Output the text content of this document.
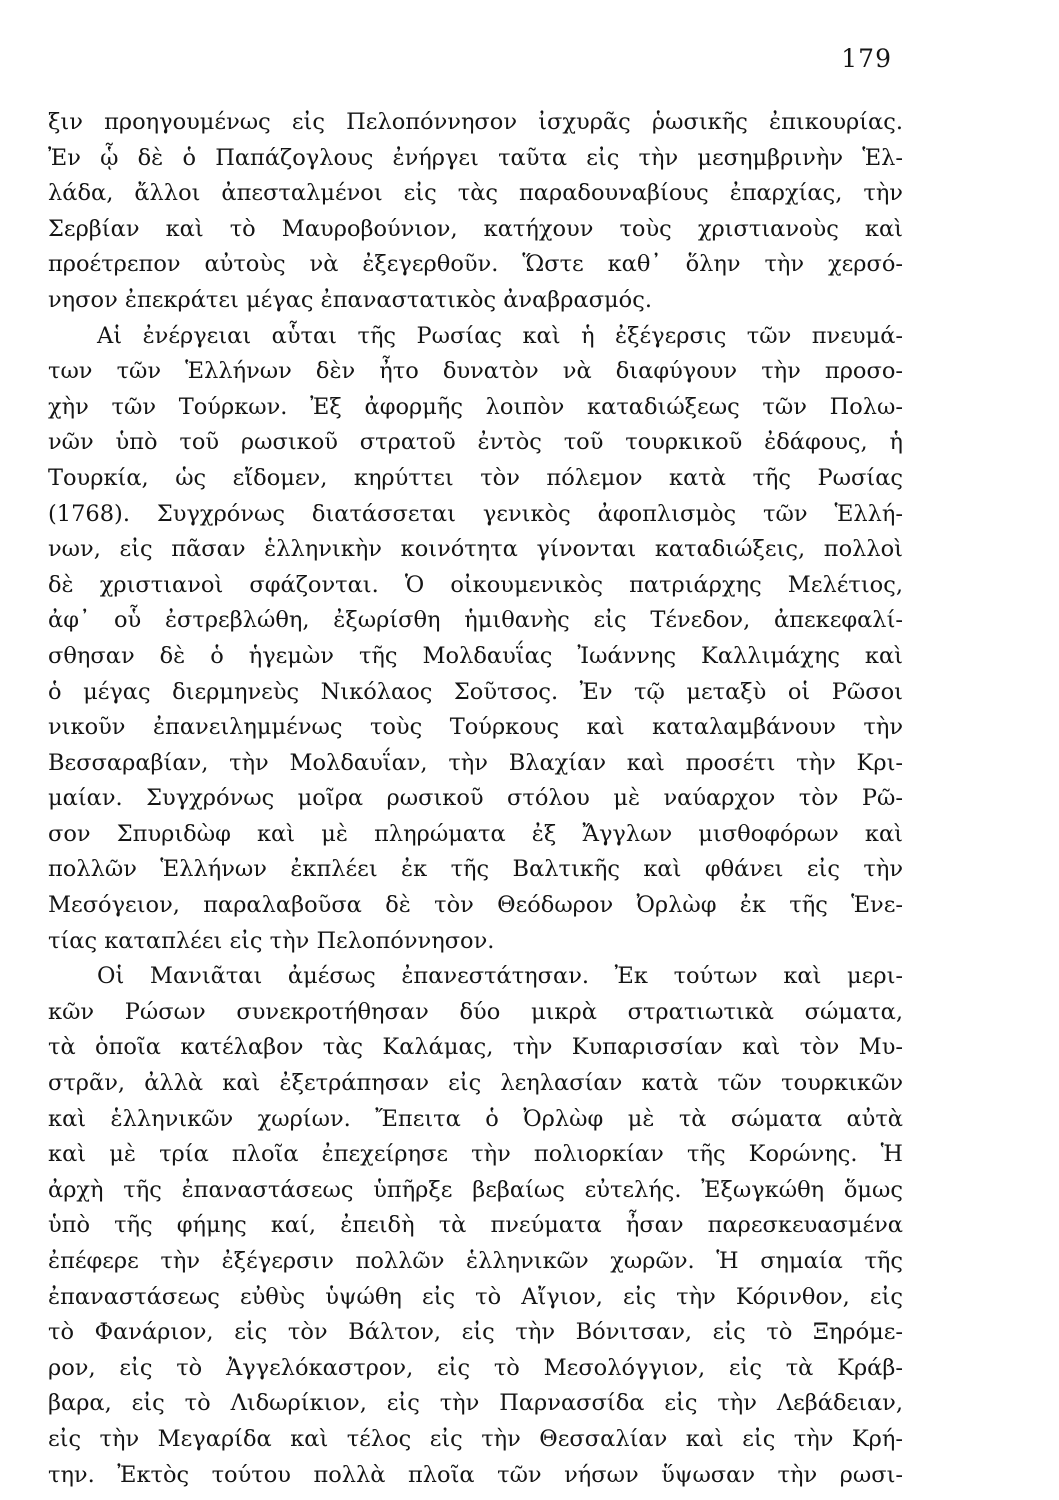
179
ξιν προηγουμένως εἰς Πελοπόννησον ἰσχυρᾶς ῥωσικῆς ἐπικουρίας.
Ἐν ᾧ δὲ ὁ Παπάζογλους ἐνήργει ταῦτα εἰς τὴν μεσημβρινὴν Ἑλ-
λάδα, ἄλλοι ἀπεσταλμένοι εἰς τὰς παραδουναβίους ἐπαρχίας, τὴν
Σερβίαν καὶ τὸ Μαυροβούνιον, κατήχουν τοὺς χριστιανοὺς καὶ
προέτρεπον αὐτοὺς νὰ ἐξεγερθοῦν. Ὥστε καθ᾽ ὅλην τὴν χερσό-
νησον ἐπεκράτει μέγας ἐπαναστατικὸς ἀναβρασμός.
Αἱ ἐνέργειαι αὗται τῆς Ρωσίας καὶ ἡ ἐξέγερσις τῶν πνευμά-
των τῶν Ἑλλήνων δὲν ἦτο δυνατὸν νὰ διαφύγουν τὴν προσο-
χὴν τῶν Τούρκων. Ἐξ ἀφορμῆς λοιπὸν καταδιώξεως τῶν Πολω-
νῶν ὑπὸ τοῦ ρωσικοῦ στρατοῦ ἐντὸς τοῦ τουρκικοῦ ἐδάφους, ἡ
Τουρκία, ὡς εἴδομεν, κηρύττει τὸν πόλεμον κατὰ τῆς Ρωσίας
(1768). Συγχρόνως διατάσσεται γενικὸς ἀφοπλισμὸς τῶν Ἑλλή-
νων, εἰς πᾶσαν ἑλληνικὴν κοινότητα γίνονται καταδιώξεις, πολλοὶ
δὲ χριστιανοὶ σφάζονται. Ὁ οἰκουμενικὸς πατριάρχης Μελέτιος,
ἀφ᾽ οὗ ἐστρεβλώθη, ἐξωρίσθη ἡμιθανὴς εἰς Τένεδον, ἀπεκεφαλί-
σθησαν δὲ ὁ ἡγεμὼν τῆς Μολδαυΐας Ἰωάννης Καλλιμάχης καὶ
ὁ μέγας διερμηνεὺς Νικόλαος Σοῦτσος. Ἐν τῷ μεταξὺ οἱ Ρῶσοι
νικοῦν ἐπανειλημμένως τοὺς Τούρκους καὶ καταλαμβάνουν τὴν
Βεσσαραβίαν, τὴν Μολδαυΐαν, τὴν Βλαχίαν καὶ προσέτι τὴν Κρι-
μαίαν. Συγχρόνως μοῖρα ρωσικοῦ στόλου μὲ ναύαρχον τὸν Ρῶ-
σον Σπυριδὼφ καὶ μὲ πληρώματα ἐξ Ἄγγλων μισθοφόρων καὶ
πολλῶν Ἑλλήνων ἐκπλέει ἐκ τῆς Βαλτικῆς καὶ φθάνει εἰς τὴν
Μεσόγειον, παραλαβοῦσα δὲ τὸν Θεόδωρον Ὀρλὼφ ἐκ τῆς Ἑνε-
τίας καταπλέει εἰς τὴν Πελοπόννησον.
Οἱ Μανιᾶται ἀμέσως ἐπανεστάτησαν. Ἐκ τούτων καὶ μερι-
κῶν Ρώσων συνεκροτήθησαν δύο μικρὰ στρατιωτικὰ σώματα,
τὰ ὁποῖα κατέλαβον τὰς Καλάμας, τὴν Κυπαρισσίαν καὶ τὸν Μυ-
στρᾶν, ἀλλὰ καὶ ἐξετράπησαν εἰς λεηλασίαν κατὰ τῶν τουρκικῶν
καὶ ἑλληνικῶν χωρίων. Ἔπειτα ὁ Ὀρλὼφ μὲ τὰ σώματα αὐτὰ
καὶ μὲ τρία πλοῖα ἐπεχείρησε τὴν πολιορκίαν τῆς Κορώνης. Ἡ
ἀρχὴ τῆς ἐπαναστάσεως ὑπῆρξε βεβαίως εὐτελής. Ἐξωγκώθη ὅμως
ὑπὸ τῆς φήμης καί, ἐπειδὴ τὰ πνεύματα ἦσαν παρεσκευασμένα
ἐπέφερε τὴν ἐξέγερσιν πολλῶν ἑλληνικῶν χωρῶν. Ἡ σημαία τῆς
ἐπαναστάσεως εὐθὺς ὑψώθη εἰς τὸ Αἴγιον, εἰς τὴν Κόρινθον, εἰς
τὸ Φανάριον, εἰς τὸν Βάλτον, εἰς τὴν Βόνιτσαν, εἰς τὸ Ξηρόμε-
ρον, εἰς τὸ Ἀγγελόκαστρον, εἰς τὸ Μεσολόγγιον, εἰς τὰ Κράβ-
βαρα, εἰς τὸ Λιδωρίκιον, εἰς τὴν Παρνασσίδα εἰς τὴν Λεβάδειαν,
εἰς τὴν Μεγαρίδα καὶ τέλος εἰς τὴν Θεσσαλίαν καὶ εἰς τὴν Κρή-
την. Ἐκτὸς τούτου πολλὰ πλοῖα τῶν νήσων ὕψωσαν τὴν ρωσι-
